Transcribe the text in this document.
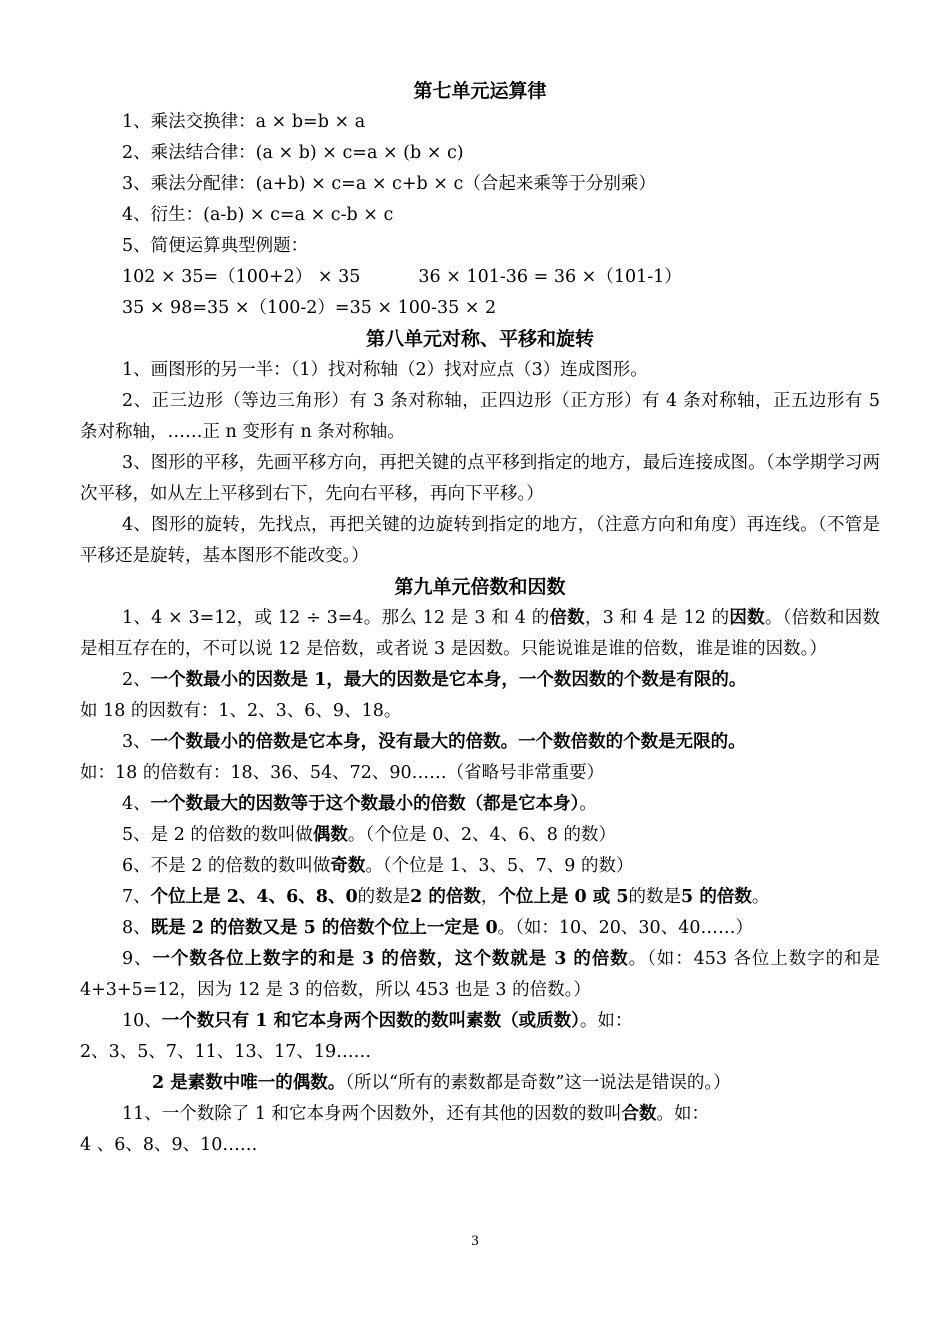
第七单元运算律

1、乘法交换律：a × b=b × a

2、乘法结合律：(a × b) × c=a × (b × c)

3、乘法分配律：(a+b) × c=a × c+b × c（合起来乘等于分别乘）

4、衍生：(a-b) × c=a × c-b × c

5、简便运算典型例题：

102 × 35=（100+2） × 35	36 × 101-36 = 36 ×（101-1）

35 × 98=35 ×（100-2）=35 × 100-35 × 2

第八单元对称、平移和旋转

1、画图形的另一半：（1）找对称轴（2）找对应点（3）连成图形。

2、正三边形（等边三角形）有 3 条对称轴，正四边形（正方形）有 4 条对称轴，正五边形有 5 条对称轴，……正 n 变形有 n 条对称轴。

3、图形的平移，先画平移方向，再把关键的点平移到指定的地方，最后连接成图。（本学期学习两次平移，如从左上平移到右下，先向右平移，再向下平移。）

4、图形的旋转，先找点，再把关键的边旋转到指定的地方，（注意方向和角度）再连线。（不管是平移还是旋转，基本图形不能改变。）

第九单元倍数和因数

1、4 × 3=12，或 12 ÷ 3=4。那么 12 是 3 和 4 的倍数，3 和 4 是 12 的因数。（倍数和因数是相互存在的，不可以说 12 是倍数，或者说 3 是因数。只能说谁是谁的倍数，谁是谁的因数。）

2、一个数最小的因数是 1，最大的因数是它本身，一个数因数的个数是有限的。

如 18 的因数有：1、2、3、6、9、18。

3、一个数最小的倍数是它本身，没有最大的倍数。一个数倍数的个数是无限的。

如：18 的倍数有：18、36、54、72、90……（省略号非常重要）

4、一个数最大的因数等于这个数最小的倍数（都是它本身）。

5、是 2 的倍数的数叫做偶数。（个位是 0、2、4、6、8 的数）

6、不是 2 的倍数的数叫做奇数。（个位是 1、3、5、7、9 的数）

7、个位上是 2、4、6、8、0的数是2 的倍数，个位上是 0 或 5的数是5 的倍数。

8、既是 2 的倍数又是 5 的倍数个位上一定是 0。（如：10、20、30、40……）

9、一个数各位上数字的和是 3 的倍数，这个数就是 3 的倍数。（如：453 各位上数字的和是 4+3+5=12，因为 12 是 3 的倍数，所以 453 也是 3 的倍数。）

10、一个数只有 1 和它本身两个因数的数叫素数（或质数）。如：

2、3、5、7、11、13、17、19……

2 是素数中唯一的偶数。（所以“所有的素数都是奇数”这一说法是错误的。）

11、一个数除了 1 和它本身两个因数外，还有其他的因数的数叫合数。如：

4 、6、8、9、10……

3
